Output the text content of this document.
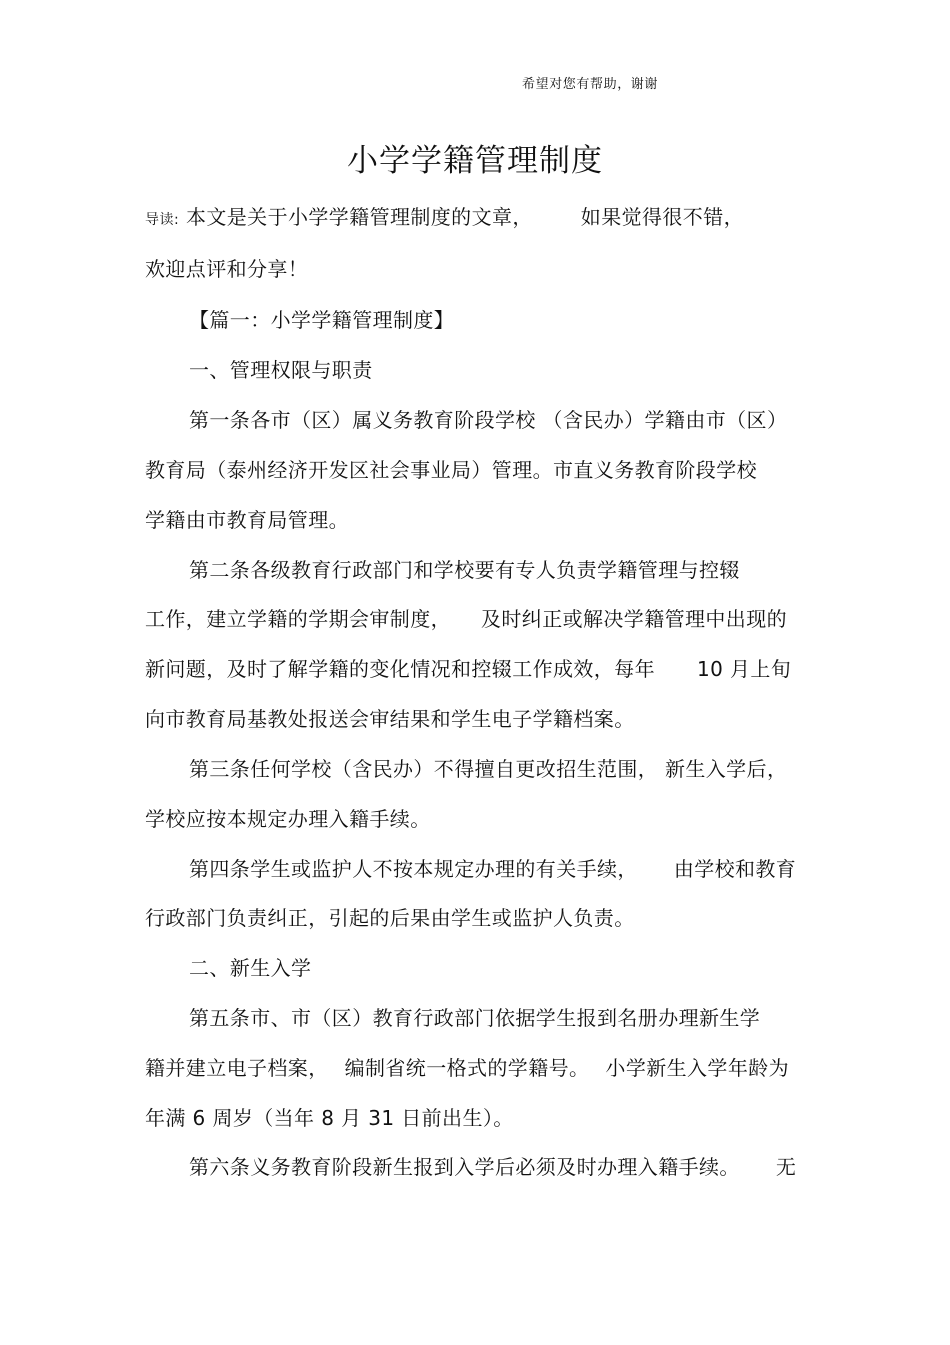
希望对您有帮助，谢谢
小学学籍管理制度
导读: 本文是关于小学学籍管理制度的文章， 如果觉得很不错，
欢迎点评和分享！
【篇一：小学学籍管理制度】
一、管理权限与职责
第一条各市（区）属义务教育阶段学校 （含民办）学籍由市（区）
教育局（泰州经济开发区社会事业局）管理。市直义务教育阶段学校
学籍由市教育局管理。
第二条各级教育行政部门和学校要有专人负责学籍管理与控辍
工作，建立学籍的学期会审制度， 及时纠正或解决学籍管理中出现的
新问题，及时了解学籍的变化情况和控辍工作成效，每年 10 月上旬
向市教育局基教处报送会审结果和学生电子学籍档案。
第三条任何学校（含民办）不得擅自更改招生范围， 新生入学后，
学校应按本规定办理入籍手续。
第四条学生或监护人不按本规定办理的有关手续， 由学校和教育
行政部门负责纠正，引起的后果由学生或监护人负责。
二、新生入学
第五条市、市（区）教育行政部门依据学生报到名册办理新生学
籍并建立电子档案， 编制省统一格式的学籍号。 小学新生入学年龄为
年满 6 周岁（当年 8 月 31 日前出生）。
第六条义务教育阶段新生报到入学后必须及时办理入籍手续。 无
